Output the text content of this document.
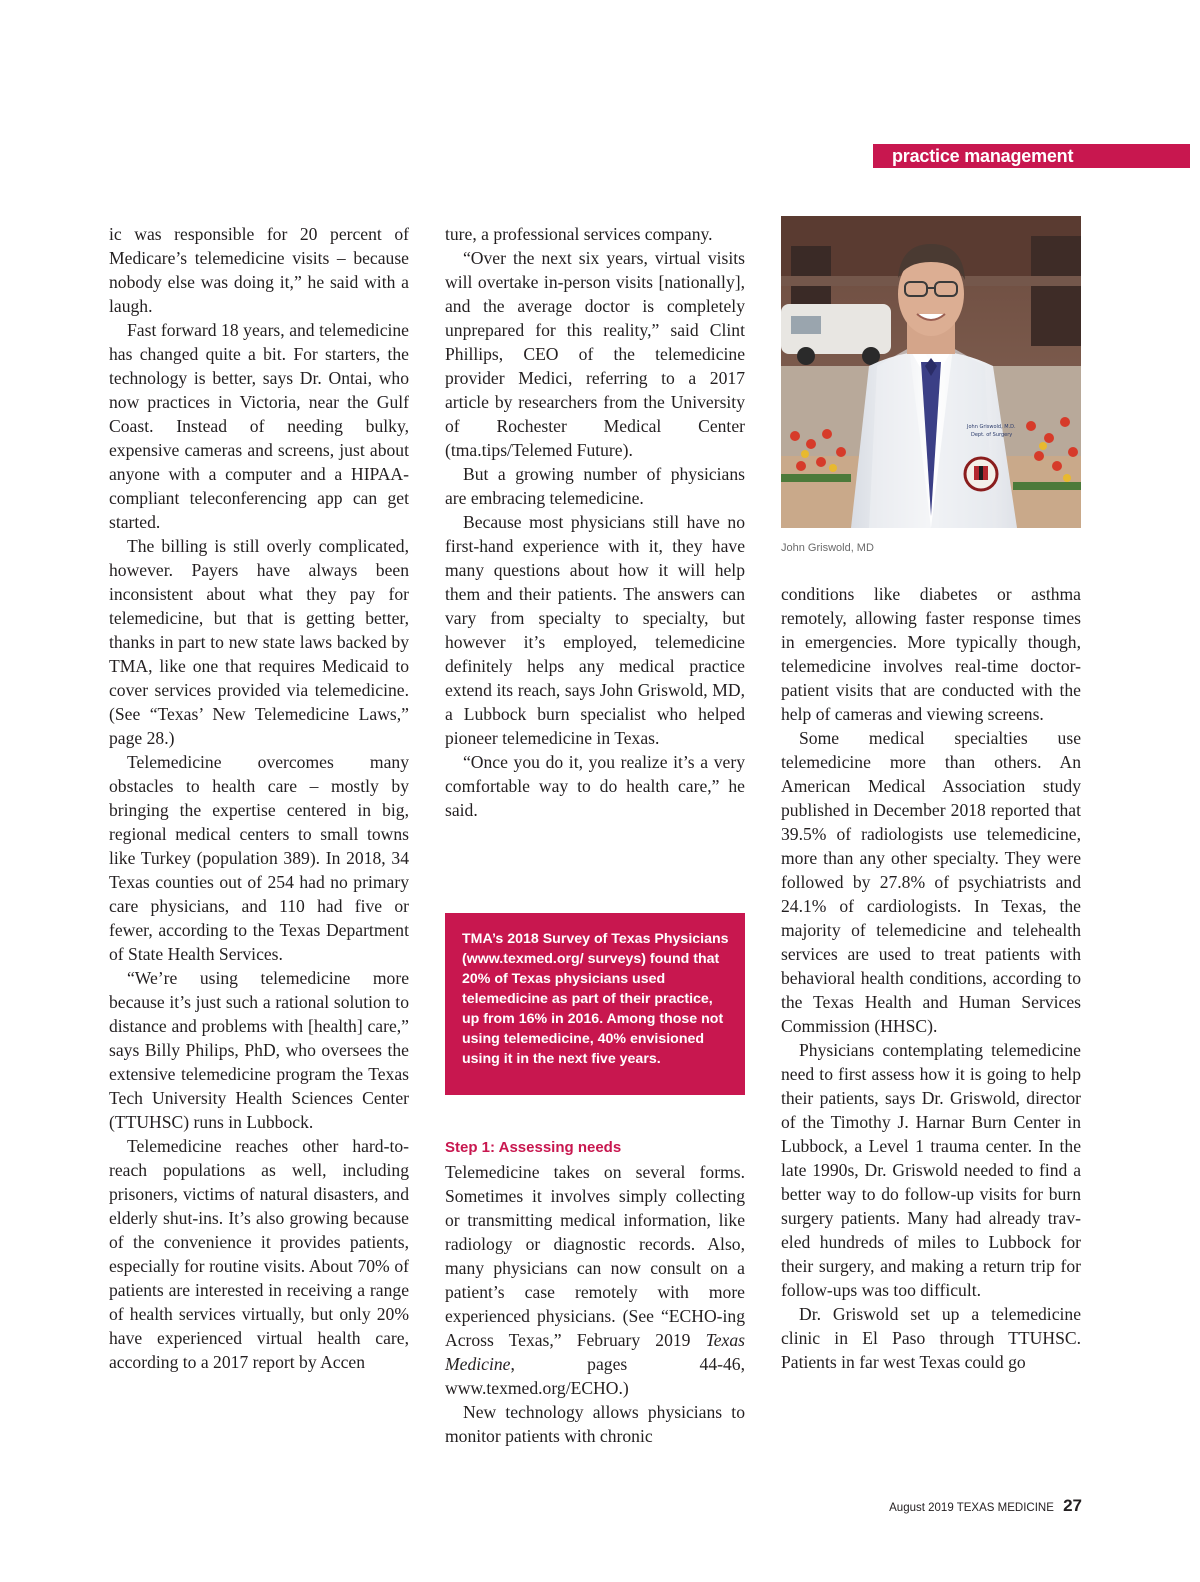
practice management

ic was responsible for 20 percent of Medicare’s telemedicine visits – because nobody else was doing it,” he said with a laugh.

Fast forward 18 years, and telemedicine has changed quite a bit. For starters, the technology is better, says Dr. Ontai, who now practices in Victoria, near the Gulf Coast. Instead of needing bulky, expensive cameras and screens, just about anyone with a computer and a HIPAA-compliant teleconferencing app can get started.

The billing is still overly complicated, however. Payers have always been inconsistent about what they pay for telemedicine, but that is getting better, thanks in part to new state laws backed by TMA, like one that requires Medicaid to cover services provided via telemedicine. (See “Texas’ New Telemedicine Laws,” page 28.)

Telemedicine overcomes many obstacles to health care – mostly by bringing the expertise centered in big, regional medical centers to small towns like Turkey (population 389). In 2018, 34 Texas counties out of 254 had no primary care physicians, and 110 had five or fewer, according to the Texas Department of State Health Services.

“We’re using telemedicine more because it’s just such a rational solution to distance and problems with [health] care,” says Billy Philips, PhD, who oversees the extensive telemedicine program the Texas Tech University Health Sciences Center (TTUHSC) runs in Lubbock.

Telemedicine reaches other hard-to-reach populations as well, including prisoners, victims of natural disasters, and elderly shut-ins. It’s also growing because of the convenience it provides patients, especially for routine visits. About 70% of patients are interested in receiving a range of health services virtually, but only 20% have experienced virtual health care, according to a 2017 report by Accen

ture, a professional services company.

“Over the next six years, virtual visits will overtake in-person visits [nationally], and the average doctor is completely unprepared for this reality,” said Clint Phillips, CEO of the telemedicine provider Medici, referring to a 2017 article by researchers from the University of Rochester Medical Center (tma.tips/Telemed Future).

But a growing number of physicians are embracing telemedicine.

Because most physicians still have no first-hand experience with it, they have many questions about how it will help them and their patients. The answers can vary from specialty to specialty, but however it’s employed, telemedicine definitely helps any medical practice extend its reach, says John Griswold, MD, a Lubbock burn specialist who helped pioneer telemedicine in Texas.

“Once you do it, you realize it’s a very comfortable way to do health care,” he said.

TMA’s 2018 Survey of Texas Physicians (www.texmed.org/ surveys) found that 20% of Texas physicians used telemedicine as part of their practice, up from 16% in 2016. Among those not using telemedicine, 40% envisioned using it in the next five years.
Step 1: Assessing needs

Telemedicine takes on several forms. Sometimes it involves simply collecting or transmitting medical information, like radiology or diagnostic records. Also, many physicians can now consult on a patient’s case remotely with more experienced physicians. (See “ECHO-ing Across Texas,” February 2019 Texas Medicine, pages 44-46, www.texmed.org/ECHO.)

New technology allows physicians to monitor patients with chronic

John Griswold, M.D.
Dept. of Surgery
John Griswold, MD

conditions like diabetes or asthma remotely, allowing faster response times in emergencies. More typically though, telemedicine involves real-time doctor-patient visits that are conducted with the help of cameras and viewing screens.

Some medical specialties use telemedicine more than others. An American Medical Association study published in December 2018 reported that 39.5% of radiologists use telemedicine, more than any other specialty. They were followed by 27.8% of psychiatrists and 24.1% of cardiologists. In Texas, the majority of telemedicine and telehealth services are used to treat patients with behavioral health conditions, according to the Texas Health and Human Services Commission (HHSC).

Physicians contemplating telemedicine need to first assess how it is going to help their patients, says Dr. Griswold, director of the Timothy J. Harnar Burn Center in Lubbock, a Level 1 trauma center. In the late 1990s, Dr. Griswold needed to find a better way to do follow-up visits for burn surgery patients. Many had already traveled hundreds of miles to Lubbock for their surgery, and making a return trip for follow-ups was too difficult.

Dr. Griswold set up a telemedicine clinic in El Paso through TTUHSC. Patients in far west Texas could go

August 2019 TEXAS MEDICINE 27
